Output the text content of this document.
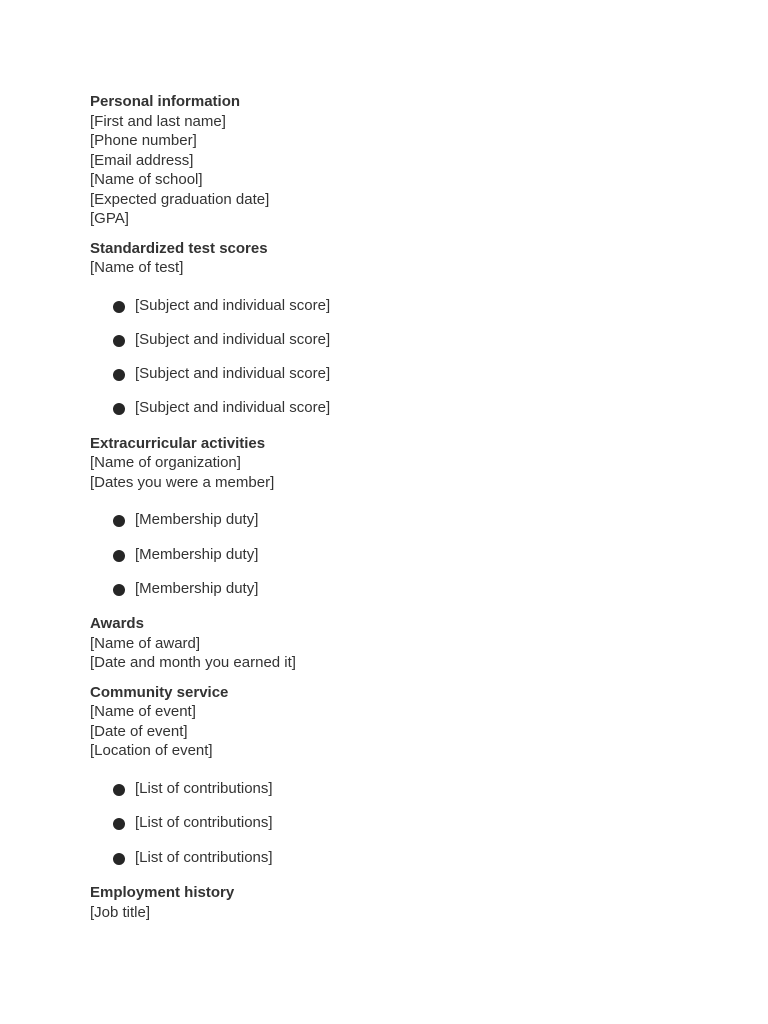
Personal information
[First and last name]
[Phone number]
[Email address]
[Name of school]
[Expected graduation date]
[GPA]
Standardized test scores
[Name of test]
[Subject and individual score]
[Subject and individual score]
[Subject and individual score]
[Subject and individual score]
Extracurricular activities
[Name of organization]
[Dates you were a member]
[Membership duty]
[Membership duty]
[Membership duty]
Awards
[Name of award]
[Date and month you earned it]
Community service
[Name of event]
[Date of event]
[Location of event]
[List of contributions]
[List of contributions]
[List of contributions]
Employment history
[Job title]
